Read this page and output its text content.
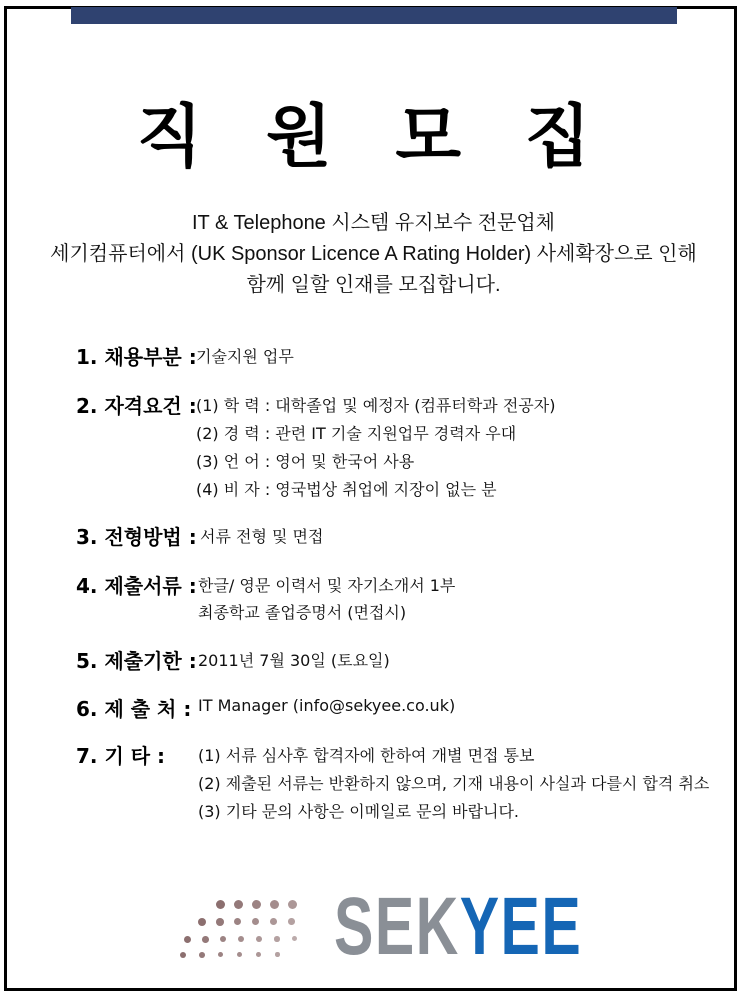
직 원 모 집
IT & Telephone 시스템 유지보수 전문업체
세기컴퓨터에서 (UK Sponsor Licence A Rating Holder) 사세확장으로 인해
함께 일할 인재를 모집합니다.
1. 채용부분 : 기술지원 업무
2. 자격요건 : (1) 학 력 : 대학졸업 및 예정자 (컴퓨터학과 전공자)
(2) 경 력 : 관련 IT 기술 지원업무 경력자 우대
(3) 언 어 : 영어 및 한국어 사용
(4) 비 자 : 영국법상 취업에 지장이 없는 분
3. 전형방법 : 서류 전형 및 면접
4. 제출서류 : 한글/ 영문 이력서 및 자기소개서 1부
최종학교 졸업증명서 (면접시)
5. 제출기한 : 2011년 7월 30일 (토요일)
6. 제 출 처 : IT Manager (info@sekyee.co.uk)
7. 기 타 : (1) 서류 심사후 합격자에 한하여 개별 면접 통보
(2) 제출된 서류는 반환하지 않으며, 기재 내용이 사실과 다를시 합격 취소
(3) 기타 문의 사항은 이메일로 문의 바랍니다.
SEKYEE
